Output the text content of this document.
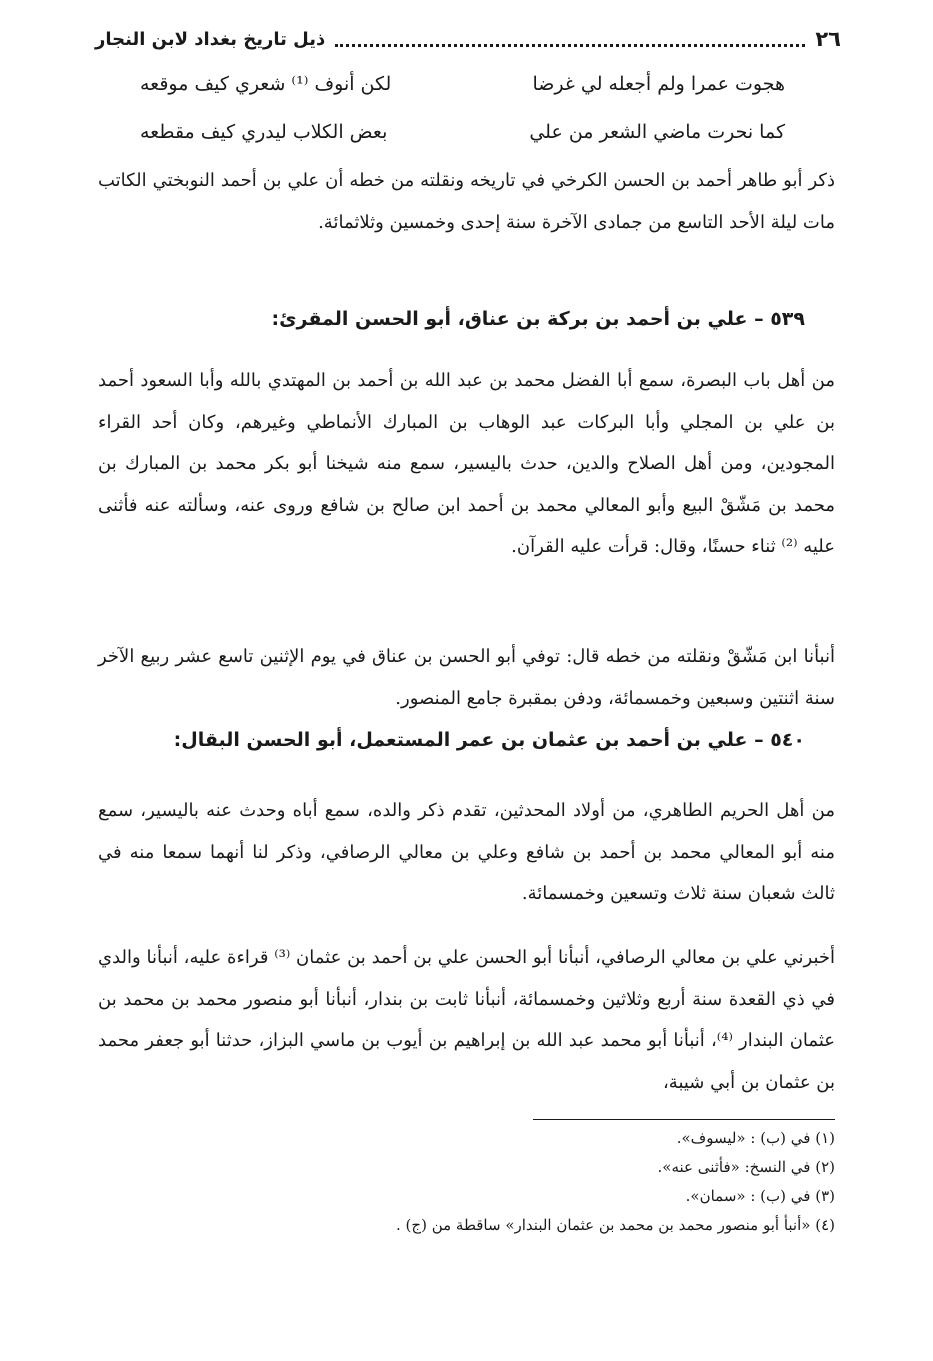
٢٦
ذيل تاريخ بغداد لابن النجار
هجوت عمرا ولم أجعله لي غرضا
لكن أنوف ⁽¹⁾ شعري كيف موقعه
كما نحرت ماضي الشعر من علي
بعض الكلاب ليدري كيف مقطعه

ذكر أبو طاهر أحمد بن الحسن الكرخي في تاريخه ونقلته من خطه أن علي بن أحمد النوبختي الكاتب مات ليلة الأحد التاسع من جمادى الآخرة سنة إحدى وخمسين وثلاثمائة.

٥٣٩ – علي بن أحمد بن بركة بن عناق، أبو الحسن المقرئ:

من أهل باب البصرة، سمع أبا الفضل محمد بن عبد الله بن أحمد بن المهتدي بالله وأبا السعود أحمد بن علي بن المجلي وأبا البركات عبد الوهاب بن المبارك الأنماطي وغيرهم، وكان أحد القراء المجودين، ومن أهل الصلاح والدين، حدث باليسير، سمع منه شيخنا أبو بكر محمد بن المبارك بن محمد بن مَشّقْ البيع وأبو المعالي محمد بن أحمد ابن صالح بن شافع وروى عنه، وسألته عنه فأثنى عليه ⁽²⁾ ثناء حسنًا، وقال: قرأت عليه القرآن.

أنبأنا ابن مَشّقْ ونقلته من خطه قال: توفي أبو الحسن بن عناق في يوم الإثنين تاسع عشر ربيع الآخر سنة اثنتين وسبعين وخمسمائة، ودفن بمقبرة جامع المنصور.

٥٤٠ – علي بن أحمد بن عثمان بن عمر المستعمل، أبو الحسن البقال:

من أهل الحريم الطاهري، من أولاد المحدثين، تقدم ذكر والده، سمع أباه وحدث عنه باليسير، سمع منه أبو المعالي محمد بن أحمد بن شافع وعلي بن معالي الرصافي، وذكر لنا أنهما سمعا منه في ثالث شعبان سنة ثلاث وتسعين وخمسمائة.

أخبرني علي بن معالي الرصافي، أنبأنا أبو الحسن علي بن أحمد بن عثمان ⁽³⁾ قراءة عليه، أنبأنا والدي في ذي القعدة سنة أربع وثلاثين وخمسمائة، أنبأنا ثابت بن بندار، أنبأنا أبو منصور محمد بن محمد بن عثمان البندار ⁽⁴⁾، أنبأنا أبو محمد عبد الله بن إبراهيم بن أيوب بن ماسي البزاز، حدثنا أبو جعفر محمد بن عثمان بن أبي شيبة،

(١) في (ب) : «ليسوف».

(٢) في النسخ: «فأثنى عنه».

(٣) في (ب) : «سمان».

(٤) «أنبأ أبو منصور محمد بن محمد بن عثمان البندار» ساقطة من (ج) .
